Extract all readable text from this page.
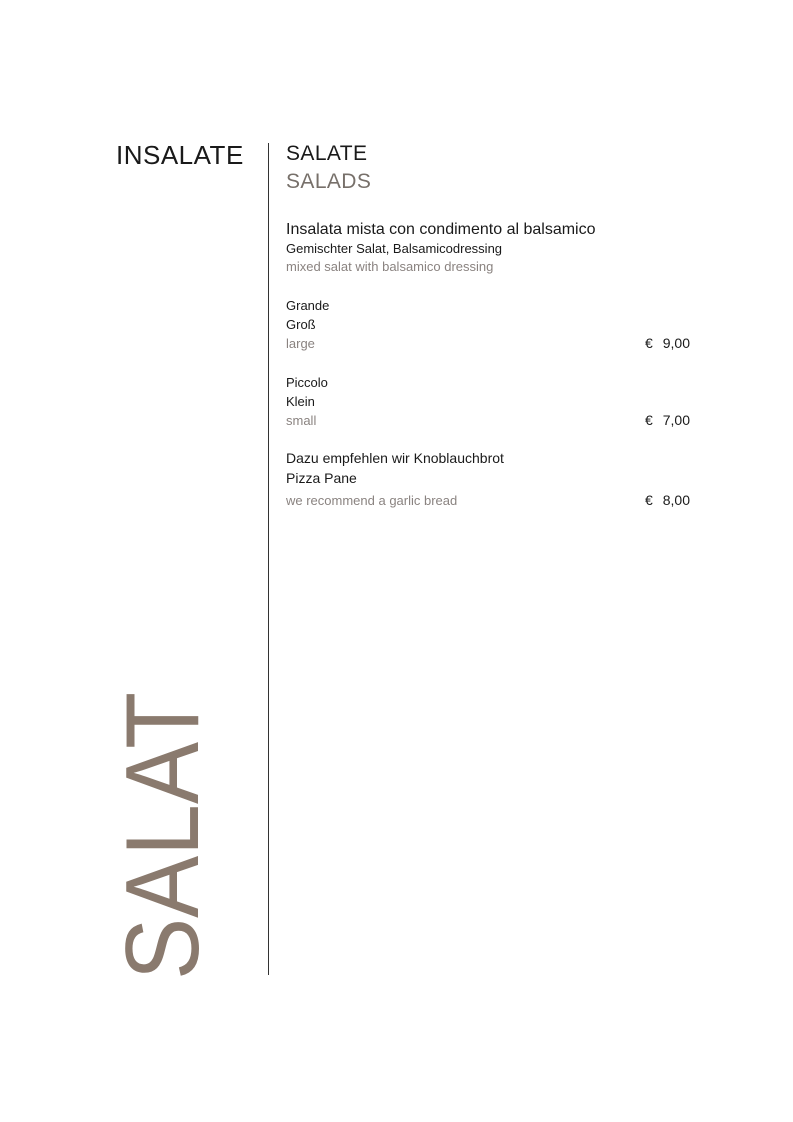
INSALATE
SALAT
SALATE
SALADS
Insalata mista con condimento al balsamico
Gemischter Salat, Balsamicodressing
mixed salat with balsamico dressing
Grande
Groß
large	€ 9,00
Piccolo
Klein
small	€ 7,00
Dazu empfehlen wir Knoblauchbrot
Pizza Pane
we recommend a garlic bread	€ 8,00
